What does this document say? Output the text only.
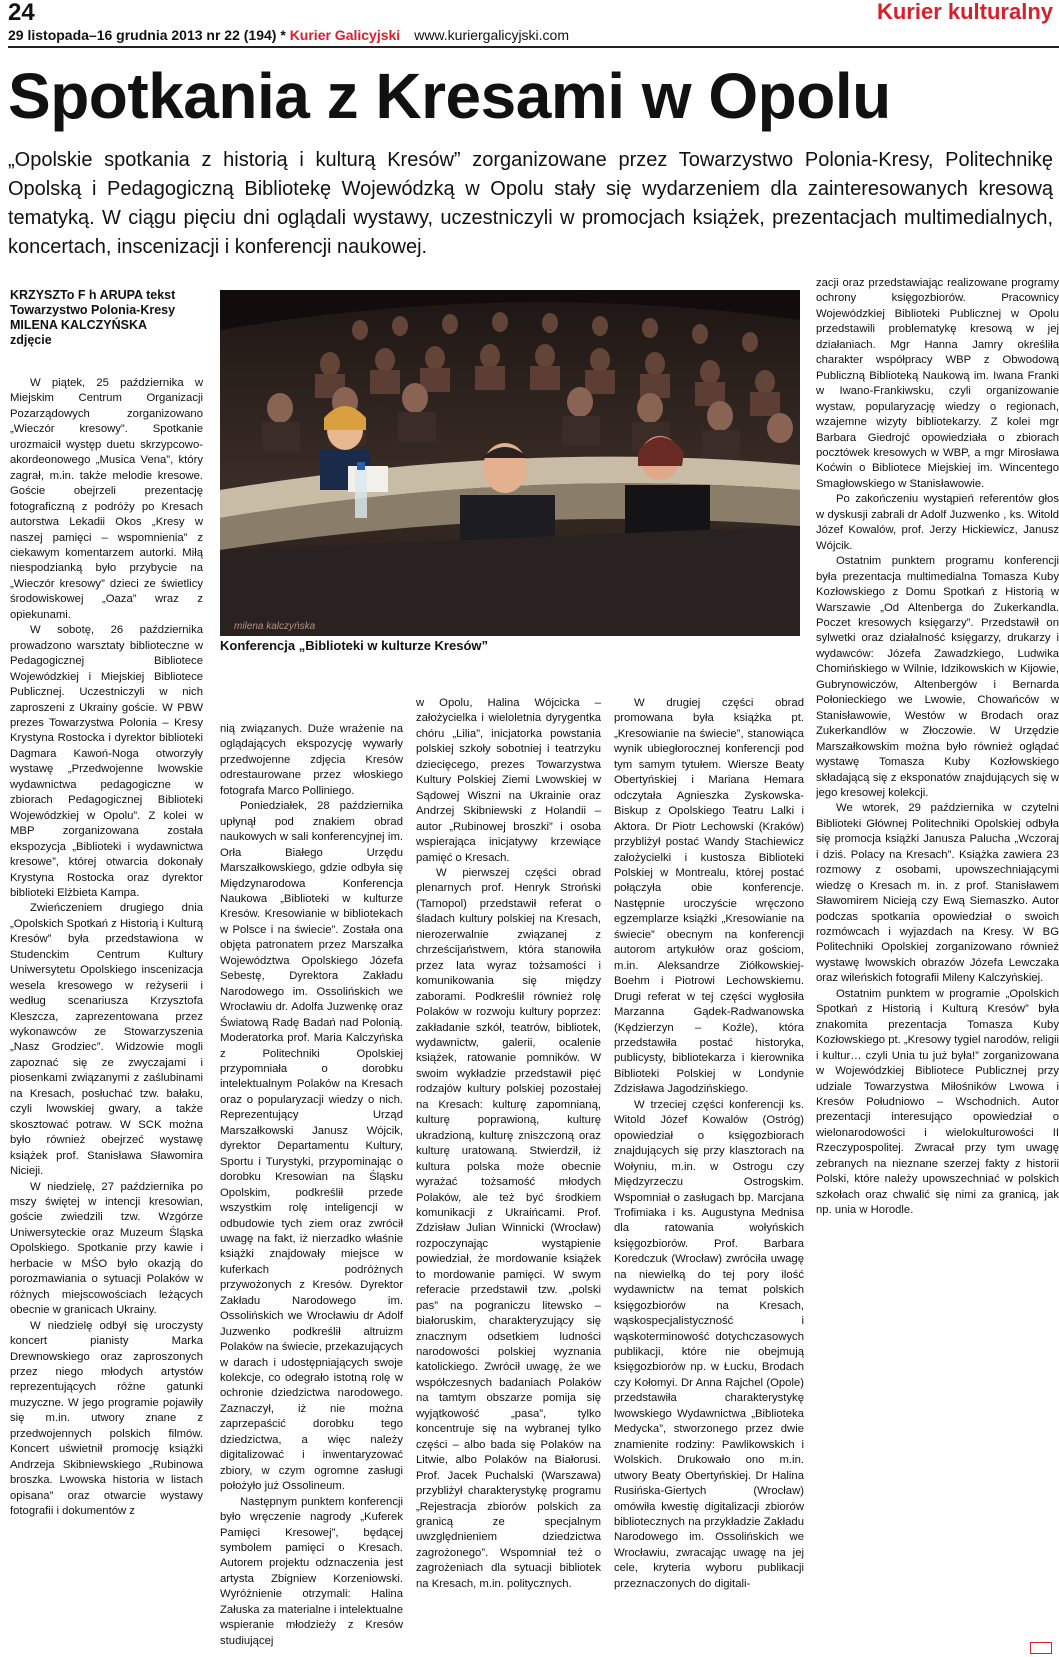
24
29 listopada–16 grudnia 2013 nr 22 (194) * Kurier Galicyjski www.kuriergalicyjski.com
Kurier kulturalny
Spotkania z Kresami w Opolu
„Opolskie spotkania z historią i kulturą Kresów” zorganizowane przez Towarzystwo Polonia-Kresy, Politechnikę Opolską i Pedagogiczną Bibliotekę Wojewódzką w Opolu stały się wydarzeniem dla zainteresowanych kresową tematyką. W ciągu pięciu dni oglądali wystawy, uczestniczyli w promocjach książek, prezentacjach multimedialnych, koncertach, inscenizacji i konferencji naukowej.
KRZYSZTo F h ARUPA tekst
Towarzystwo Polonia-Kresy
MILENA KALCZYŃSKA
zdjęcie
milena kalczyńska
Konferencja „Biblioteki w kulturze Kresów”

W piątek, 25 października w Miejskim Centrum Organizacji Pozarządowych zorganizowano „Wieczór kresowy”. Spotkanie urozmaicił występ duetu skrzypcowo-akordeonowego „Musica Vena”, który zagrał, m.in. także melodie kresowe. Goście obejrzeli prezentację fotograficzną z podróży po Kresach autorstwa Lekadii Okos „Kresy w naszej pamięci – wspomnienia” z ciekawym komentarzem autorki. Miłą niespodzianką było przybycie na „Wieczór kresowy” dzieci ze świetlicy środowiskowej „Oaza” wraz z opiekunami.

W sobotę, 26 października prowadzono warsztaty biblioteczne w Pedagogicznej Bibliotece Wojewódzkiej i Miejskiej Bibliotece Publicznej. Uczestniczyli w nich zaproszeni z Ukrainy goście. W PBW prezes Towarzystwa Polonia – Kresy Krystyna Rostocka i dyrektor biblioteki Dagmara Kawoń-Noga otworzyły wystawę „Przedwojenne lwowskie wydawnictwa pedagogiczne w zbiorach Pedagogicznej Biblioteki Wojewódzkiej w Opolu”. Z kolei w MBP zorganizowana została ekspozycja „Biblioteki i wydawnictwa kresowe”, której otwarcia dokonały Krystyna Rostocka oraz dyrektor biblioteki Elżbieta Kampa.

Zwieńczeniem drugiego dnia „Opolskich Spotkań z Historią i Kulturą Kresów” była przedstawiona w Studenckim Centrum Kultury Uniwersytetu Opolskiego inscenizacja wesela kresowego w reżyserii i według scenariusza Krzysztofa Kleszcza, zaprezentowana przez wykonawców ze Stowarzyszenia „Nasz Grodziec”. Widzowie mogli zapoznać się ze zwyczajami i piosenkami związanymi z zaślubinami na Kresach, posłuchać tzw. bałaku, czyli lwowskiej gwary, a także skosztować potraw. W SCK można było również obejrzeć wystawę książek prof. Stanisława Sławomira Nicieji.

W niedzielę, 27 października po mszy świętej w intencji kresowian, goście zwiedzili tzw. Wzgórze Uniwersyteckie oraz Muzeum Śląska Opolskiego. Spotkanie przy kawie i herbacie w MŚO było okazją do porozmawiania o sytuacji Polaków w różnych miejscowościach leżących obecnie w granicach Ukrainy.

W niedzielę odbył się uroczysty koncert pianisty Marka Drewnowskiego oraz zaproszonych przez niego młodych artystów reprezentujących różne gatunki muzyczne. W jego programie pojawiły się m.in. utwory znane z przedwojennych polskich filmów. Koncert uświetnił promocję książki Andrzeja Skibniewskiego „Rubinowa broszka. Lwowska historia w listach opisana” oraz otwarcie wystawy fotografii i dokumentów z

nią związanych. Duże wrażenie na oglądających ekspozycję wywarły przedwojenne zdjęcia Kresów odrestaurowane przez włoskiego fotografa Marco Polliniego.

Poniedziałek, 28 października upłynął pod znakiem obrad naukowych w sali konferencyjnej im. Orła Białego Urzędu Marszałkowskiego, gdzie odbyła się Międzynarodowa Konferencja Naukowa „Biblioteki w kulturze Kresów. Kresowianie w bibliotekach w Polsce i na świecie”. Została ona objęta patronatem przez Marszałka Województwa Opolskiego Józefa Sebestę, Dyrektora Zakładu Narodowego im. Ossolińskich we Wrocławiu dr. Adolfa Juzwenkę oraz Światową Radę Badań nad Polonią. Moderatorka prof. Maria Kalczyńska z Politechniki Opolskiej przypomniała o dorobku intelektualnym Polaków na Kresach oraz o popularyzacji wiedzy o nich. Reprezentujący Urząd Marszałkowski Janusz Wójcik, dyrektor Departamentu Kultury, Sportu i Turystyki, przypominając o dorobku Kresowian na Śląsku Opolskim, podkreślił przede wszystkim rolę inteligencji w odbudowie tych ziem oraz zwrócił uwagę na fakt, iż nierzadko właśnie książki znajdowały miejsce w kuferkach podróżnych przywożonych z Kresów. Dyrektor Zakładu Narodowego im. Ossolińskich we Wrocławiu dr Adolf Juzwenko podkreślił altruizm Polaków na świecie, przekazujących w darach i udostępniających swoje kolekcje, co odegrało istotną rolę w ochronie dziedzictwa narodowego. Zaznaczył, iż nie można zaprzepaścić dorobku tego dziedzictwa, a więc należy digitalizować i inwentaryzować zbiory, w czym ogromne zasługi położyło już Ossolineum.

Następnym punktem konferencji było wręczenie nagrody „Kuferek Pamięci Kresowej”, będącej symbolem pamięci o Kresach. Autorem projektu odznaczenia jest artysta Zbigniew Korzeniowski. Wyróżnienie otrzymali: Halina Załuska za materialne i intelektualne wspieranie młodzieży z Kresów studiującej

w Opolu, Halina Wójcicka – założycielka i wieloletnia dyrygentka chóru „Lilia”, inicjatorka powstania polskiej szkoły sobotniej i teatrzyku dziecięcego, prezes Towarzystwa Kultury Polskiej Ziemi Lwowskiej w Sądowej Wiszni na Ukrainie oraz Andrzej Skibniewski z Holandii – autor „Rubinowej broszki” i osoba wspierająca inicjatywy krzewiące pamięć o Kresach.

W pierwszej części obrad plenarnych prof. Henryk Stroński (Tarnopol) przedstawił referat o śladach kultury polskiej na Kresach, nierozerwalnie związanej z chrześcijaństwem, która stanowiła przez lata wyraz tożsamości i komunikowania się między zaborami. Podkreślił również rolę Polaków w rozwoju kultury poprzez: zakładanie szkół, teatrów, bibliotek, wydawnictw, galerii, ocalenie książek, ratowanie pomników. W swoim wykładzie przedstawił pięć rodzajów kultury polskiej pozostałej na Kresach: kulturę zapomnianą, kulturę poprawioną, kulturę ukradzioną, kulturę zniszczoną oraz kulturę uratowaną. Stwierdził, iż kultura polska może obecnie wyrażać tożsamość młodych Polaków, ale też być środkiem komunikacji z Ukraińcami. Prof. Zdzisław Julian Winnicki (Wrocław) rozpoczynając wystąpienie powiedział, że mordowanie książek to mordowanie pamięci. W swym referacie przedstawił tzw. „polski pas” na pograniczu litewsko – białoruskim, charakteryzujący się znacznym odsetkiem ludności narodowości polskiej wyznania katolickiego. Zwrócił uwagę, że we współczesnych badaniach Polaków na tamtym obszarze pomija się wyjątkowość „pasa”, tylko koncentruje się na wybranej tylko części – albo bada się Polaków na Litwie, albo Polaków na Białorusi. Prof. Jacek Puchalski (Warszawa) przybliżył charakterystykę programu „Rejestracja zbiorów polskich za granicą ze specjalnym uwzględnieniem dziedzictwa zagrożonego”. Wspomniał też o zagrożeniach dla sytuacji bibliotek na Kresach, m.in. politycznych.

W drugiej części obrad promowana była książka pt. „Kresowianie na świecie”, stanowiąca wynik ubiegłorocznej konferencji pod tym samym tytułem. Wiersze Beaty Obertyńskiej i Mariana Hemara odczytała Agnieszka Zyskowska-Biskup z Opolskiego Teatru Lalki i Aktora. Dr Piotr Lechowski (Kraków) przybliżył postać Wandy Stachiewicz założycielki i kustosza Biblioteki Polskiej w Montrealu, której postać połączyła obie konferencje. Następnie uroczyście wręczono egzemplarze książki „Kresowianie na świecie” obecnym na konferencji autorom artykułów oraz gościom, m.in. Aleksandrze Ziółkowskiej-Boehm i Piotrowi Lechowskiemu. Drugi referat w tej części wygłosiła Marzanna Gądek-Radwanowska (Kędzierzyn – Koźle), która przedstawiła postać historyka, publicysty, bibliotekarza i kierownika Biblioteki Polskiej w Londynie Zdzisława Jagodzińskiego.

W trzeciej części konferencji ks. Witold Józef Kowalów (Ostróg) opowiedział o księgozbiorach znajdujących się przy klasztorach na Wołyniu, m.in. w Ostrogu czy Międzyrzeczu Ostrogskim. Wspomniał o zasługach bp. Marcjana Trofimiaka i ks. Augustyna Mednisa dla ratowania wołyńskich księgozbiorów. Prof. Barbara Koredczuk (Wrocław) zwróciła uwagę na niewielką do tej pory ilość wydawnictw na temat polskich księgozbiorów na Kresach, wąskospecjalistyczność i wąskoterminowość dotychczasowych publikacji, które nie obejmują księgozbiorów np. w Łucku, Brodach czy Kołomyi. Dr Anna Rajchel (Opole) przedstawiła charakterystykę lwowskiego Wydawnictwa „Biblioteka Medycka”, stworzonego przez dwie znamienite rodziny: Pawlikowskich i Wolskich. Drukowało ono m.in. utwory Beaty Obertyńskiej. Dr Halina Rusińska-Giertych (Wrocław) omówiła kwestię digitalizacji zbiorów bibliotecznych na przykładzie Zakładu Narodowego im. Ossolińskich we Wrocławiu, zwracając uwagę na jej cele, kryteria wyboru publikacji przeznaczonych do digitali-

zacji oraz przedstawiając realizowane programy ochrony księgozbiorów. Pracownicy Wojewódzkiej Biblioteki Publicznej w Opolu przedstawili problematykę kresową w jej działaniach. Mgr Hanna Jamry określiła charakter współpracy WBP z Obwodową Publiczną Biblioteką Naukową im. Iwana Franki w Iwano-Frankiwsku, czyli organizowanie wystaw, popularyzację wiedzy o regionach, wzajemne wizyty bibliotekarzy. Z kolei mgr Barbara Giedrojć opowiedziała o zbiorach pocztówek kresowych w WBP, a mgr Mirosława Koćwin o Bibliotece Miejskiej im. Wincentego Smagłowskiego w Stanisławowie.

Po zakończeniu wystąpień referentów głos w dyskusji zabrali dr Adolf Juzwenko , ks. Witold Józef Kowalów, prof. Jerzy Hickiewicz, Janusz Wójcik.

Ostatnim punktem programu konferencji była prezentacja multimedialna Tomasza Kuby Kozłowskiego z Domu Spotkań z Historią w Warszawie „Od Altenberga do Zukerkandla. Poczet kresowych księgarzy”. Przedstawił on sylwetki oraz działalność księgarzy, drukarzy i wydawców: Józefa Zawadzkiego, Ludwika Chomińskiego w Wilnie, Idzikowskich w Kijowie, Gubrynowiczów, Altenbergów i Bernarda Połonieckiego we Lwowie, Chowańców w Stanisławowie, Westów w Brodach oraz Zukerkandlów w Złoczowie. W Urzędzie Marszałkowskim można było również oglądać wystawę Tomasza Kuby Kozłowskiego składającą się z eksponatów znajdujących się w jego kresowej kolekcji.

We wtorek, 29 października w czytelni Biblioteki Głównej Politechniki Opolskiej odbyła się promocja książki Janusza Palucha „Wczoraj i dziś. Polacy na Kresach”. Książka zawiera 23 rozmowy z osobami, upowszechniającymi wiedzę o Kresach m. in. z prof. Stanisławem Sławomirem Nicieją czy Ewą Siemaszko. Autor podczas spotkania opowiedział o swoich rozmówcach i wyjazdach na Kresy. W BG Politechniki Opolskiej zorganizowano również wystawę lwowskich obrazów Józefa Lewczaka oraz wileńskich fotografii Mileny Kalczyńskiej.

Ostatnim punktem w programie „Opolskich Spotkań z Historią i Kulturą Kresów” była znakomita prezentacja Tomasza Kuby Kozłowskiego pt. „Kresowy tygiel narodów, religii i kultur… czyli Unia tu już była!” zorganizowana w Wojewódzkiej Bibliotece Publicznej przy udziale Towarzystwa Miłośników Lwowa i Kresów Południowo – Wschodnich. Autor prezentacji interesująco opowiedział o wielonarodowości i wielokulturowości II Rzeczypospolitej. Zwracał przy tym uwagę zebranych na nieznane szerzej fakty z historii Polski, które należy upowszechniać w polskich szkołach oraz chwalić się nimi za granicą, jak np. unia w Horodle.
